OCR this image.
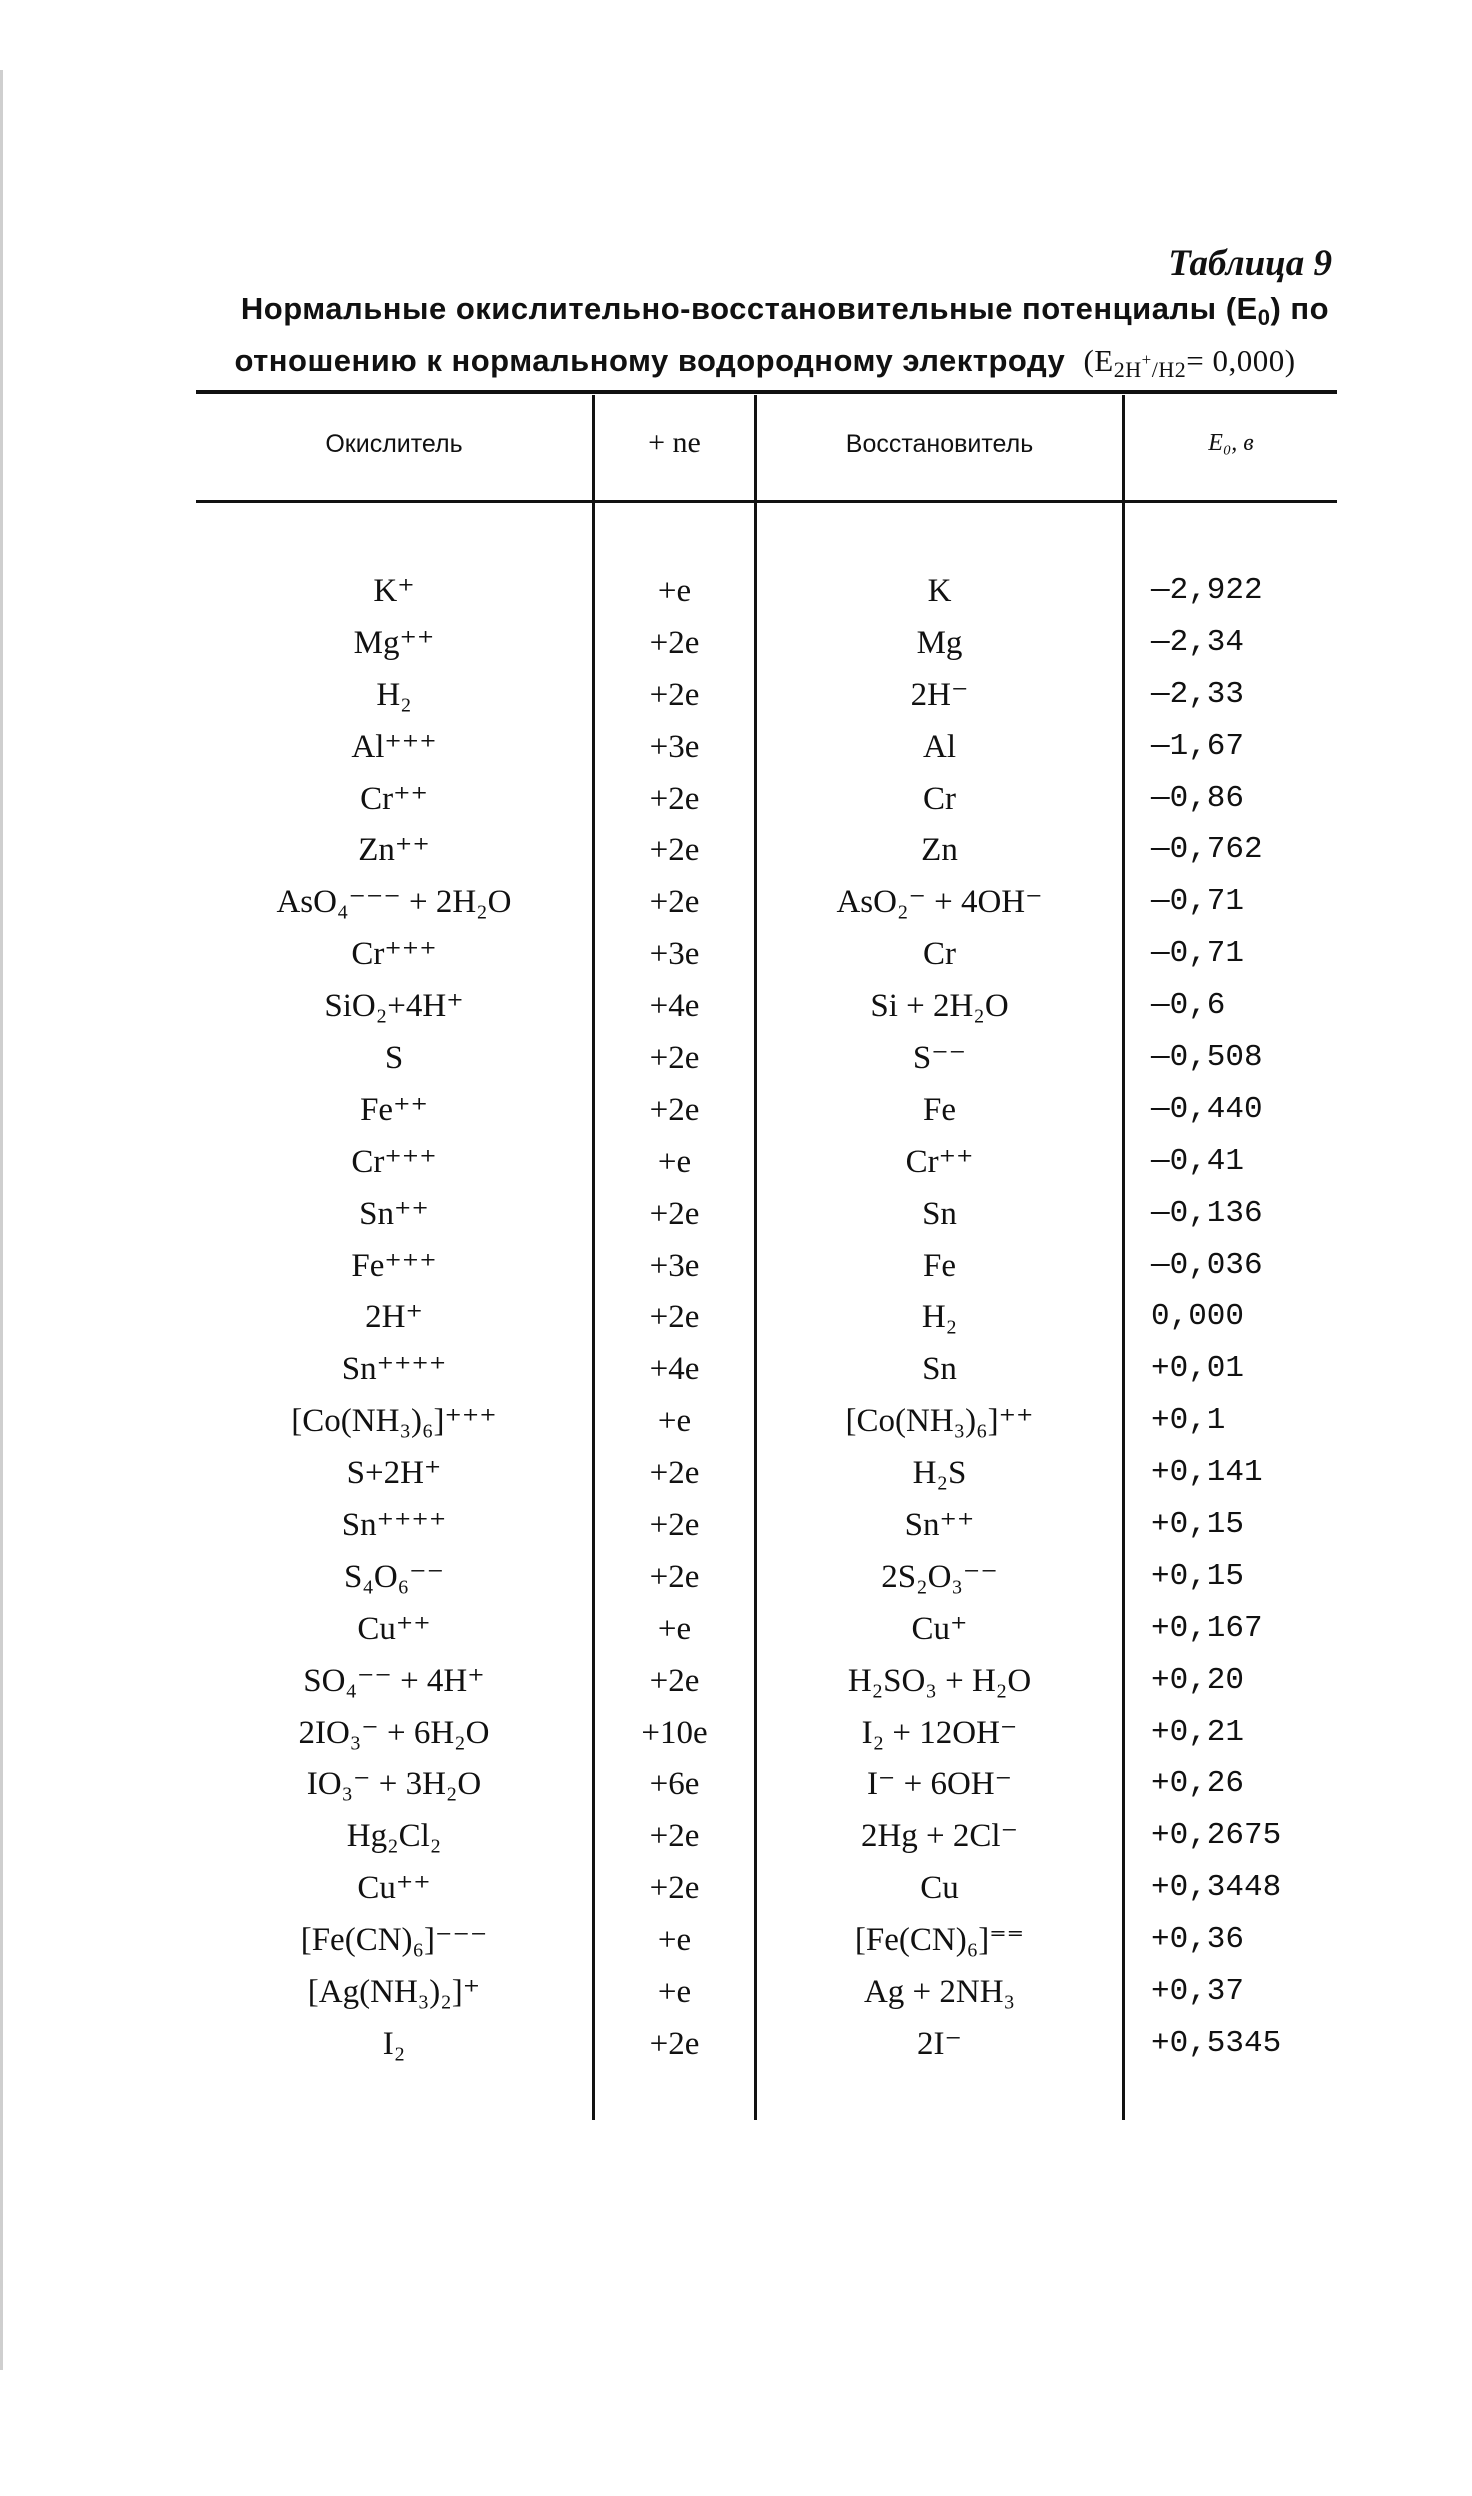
Таблица 9
Нормальные окислительно-восстановительные потенциалы $(E_0)$ по
отношению к нормальному водородному электроду $(E_{2H^+/H2}= 0,000)$
Окислитель	+ ne	Восстановитель	E₀, в
K⁺	+e	K	—2,922
Mg⁺⁺	+2e	Mg	—2,34
H₂	+2e	2H⁻	—2,33
Al⁺⁺⁺	+3e	Al	—1,67
Cr⁺⁺	+2e	Cr	—0,86
Zn⁺⁺	+2e	Zn	—0,762
AsO₄⁻⁻⁻ + 2H₂O	+2e	AsO₂⁻ + 4OH⁻	—0,71
Cr⁺⁺⁺	+3e	Cr	—0,71
SiO₂+4H⁺	+4e	Si + 2H₂O	—0,6
S	+2e	S⁻⁻	—0,508
Fe⁺⁺	+2e	Fe	—0,440
Cr⁺⁺⁺	+e	Cr⁺⁺	—0,41
Sn⁺⁺	+2e	Sn	—0,136
Fe⁺⁺⁺	+3e	Fe	—0,036
2H⁺	+2e	H₂	0,000
Sn⁺⁺⁺⁺	+4e	Sn	+0,01
[Co(NH₃)₆]⁺⁺⁺	+e	[Co(NH₃)₆]⁺⁺	+0,1
S+2H⁺	+2e	H₂S	+0,141
Sn⁺⁺⁺⁺	+2e	Sn⁺⁺	+0,15
S₄O₆⁻⁻	+2e	2S₂O₃⁻⁻	+0,15
Cu⁺⁺	+e	Cu⁺	+0,167
SO₄⁻⁻ + 4H⁺	+2e	H₂SO₃ + H₂O	+0,20
2IO₃⁻ + 6H₂O	+10e	I₂ + 12OH⁻	+0,21
IO₃⁻ + 3H₂O	+6e	I⁻ + 6OH⁻	+0,26
Hg₂Cl₂	+2e	2Hg + 2Cl⁻	+0,2675
Cu⁺⁺	+2e	Cu	+0,3448
[Fe(CN)₆]⁻⁻⁻	+e	[Fe(CN)₆]⁼⁼	+0,36
[Ag(NH₃)₂]⁺	+e	Ag + 2NH₃	+0,37
I₂	+2e	2I⁻	+0,5345
